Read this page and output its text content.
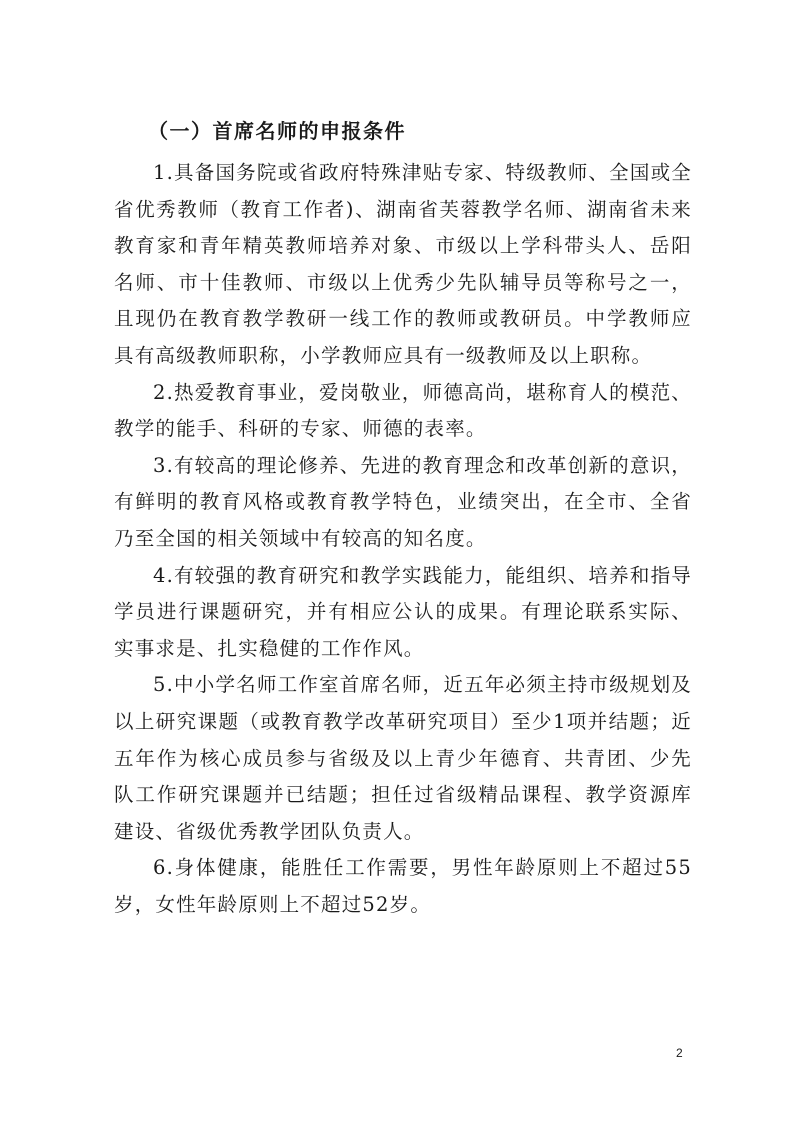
（一）首席名师的申报条件

1.具备国务院或省政府特殊津贴专家、特级教师、全国或全省优秀教师（教育工作者)、湖南省芙蓉教学名师、湖南省未来教育家和青年精英教师培养对象、市级以上学科带头人、岳阳名师、市十佳教师、市级以上优秀少先队辅导员等称号之一，且现仍在教育教学教研一线工作的教师或教研员。中学教师应具有高级教师职称，小学教师应具有一级教师及以上职称。

2.热爱教育事业，爱岗敬业，师德高尚，堪称育人的模范、教学的能手、科研的专家、师德的表率。

3.有较高的理论修养、先进的教育理念和改革创新的意识，有鲜明的教育风格或教育教学特色，业绩突出，在全市、全省乃至全国的相关领域中有较高的知名度。

4.有较强的教育研究和教学实践能力，能组织、培养和指导学员进行课题研究，并有相应公认的成果。有理论联系实际、实事求是、扎实稳健的工作作风。

5.中小学名师工作室首席名师，近五年必须主持市级规划及以上研究课题（或教育教学改革研究项目）至少1项并结题；近五年作为核心成员参与省级及以上青少年德育、共青团、少先队工作研究课题并已结题；担任过省级精品课程、教学资源库建设、省级优秀教学团队负责人。

6.身体健康，能胜任工作需要，男性年龄原则上不超过55岁，女性年龄原则上不超过52岁。

2
